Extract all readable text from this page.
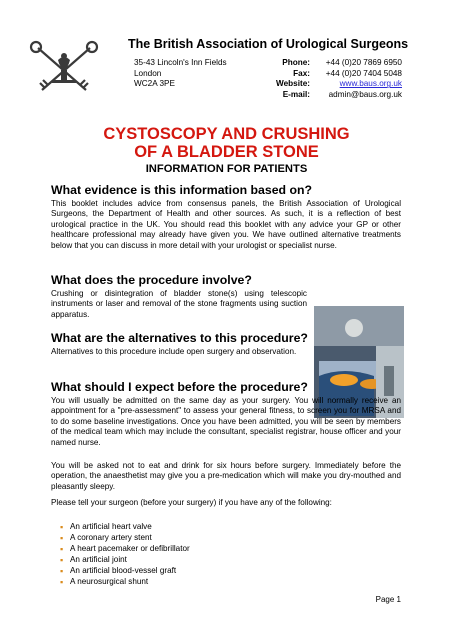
The British Association of Urological Surgeons
35-43 Lincoln's Inn Fields
London
WC2A 3PE
Phone:	+44 (0)20 7869 6950
Fax:	+44 (0)20 7404 5048
Website:	www.baus.org.uk
E-mail:	admin@baus.org.uk
CYSTOSCOPY AND CRUSHING
OF A BLADDER STONE
INFORMATION FOR PATIENTS
What evidence is this information based on?
This booklet includes advice from consensus panels, the British Association of Urological Surgeons, the Department of Health and other sources. As such, it is a reflection of best urological practice in the UK. You should read this booklet with any advice your GP or other healthcare professional may already have given you. We have outlined alternative treatments below that you can discuss in more detail with your urologist or specialist nurse.
What does the procedure involve?
Crushing or disintegration of bladder stone(s) using telescopic instruments or laser and removal of the stone fragments using suction apparatus.
What are the alternatives to this procedure?
Alternatives to this procedure include open surgery and observation.
What should I expect before the procedure?
You will usually be admitted on the same day as your surgery. You will normally receive an appointment for a "pre-assessment" to assess your general fitness, to screen you for MRSA and to do some baseline investigations. Once you have been admitted, you will be seen by members of the medical team which may include the consultant, specialist registrar, house officer and your named nurse.
You will be asked not to eat and drink for six hours before surgery. Immediately before the operation, the anaesthetist may give you a pre-medication which will make you dry-mouthed and pleasantly sleepy.
Please tell your surgeon (before your surgery) if you have any of the following:
▪ An artificial heart valve
▪ A coronary artery stent
▪ A heart pacemaker or defibrillator
▪ An artificial joint
▪ An artificial blood-vessel graft
▪ A neurosurgical shunt
Page 1
